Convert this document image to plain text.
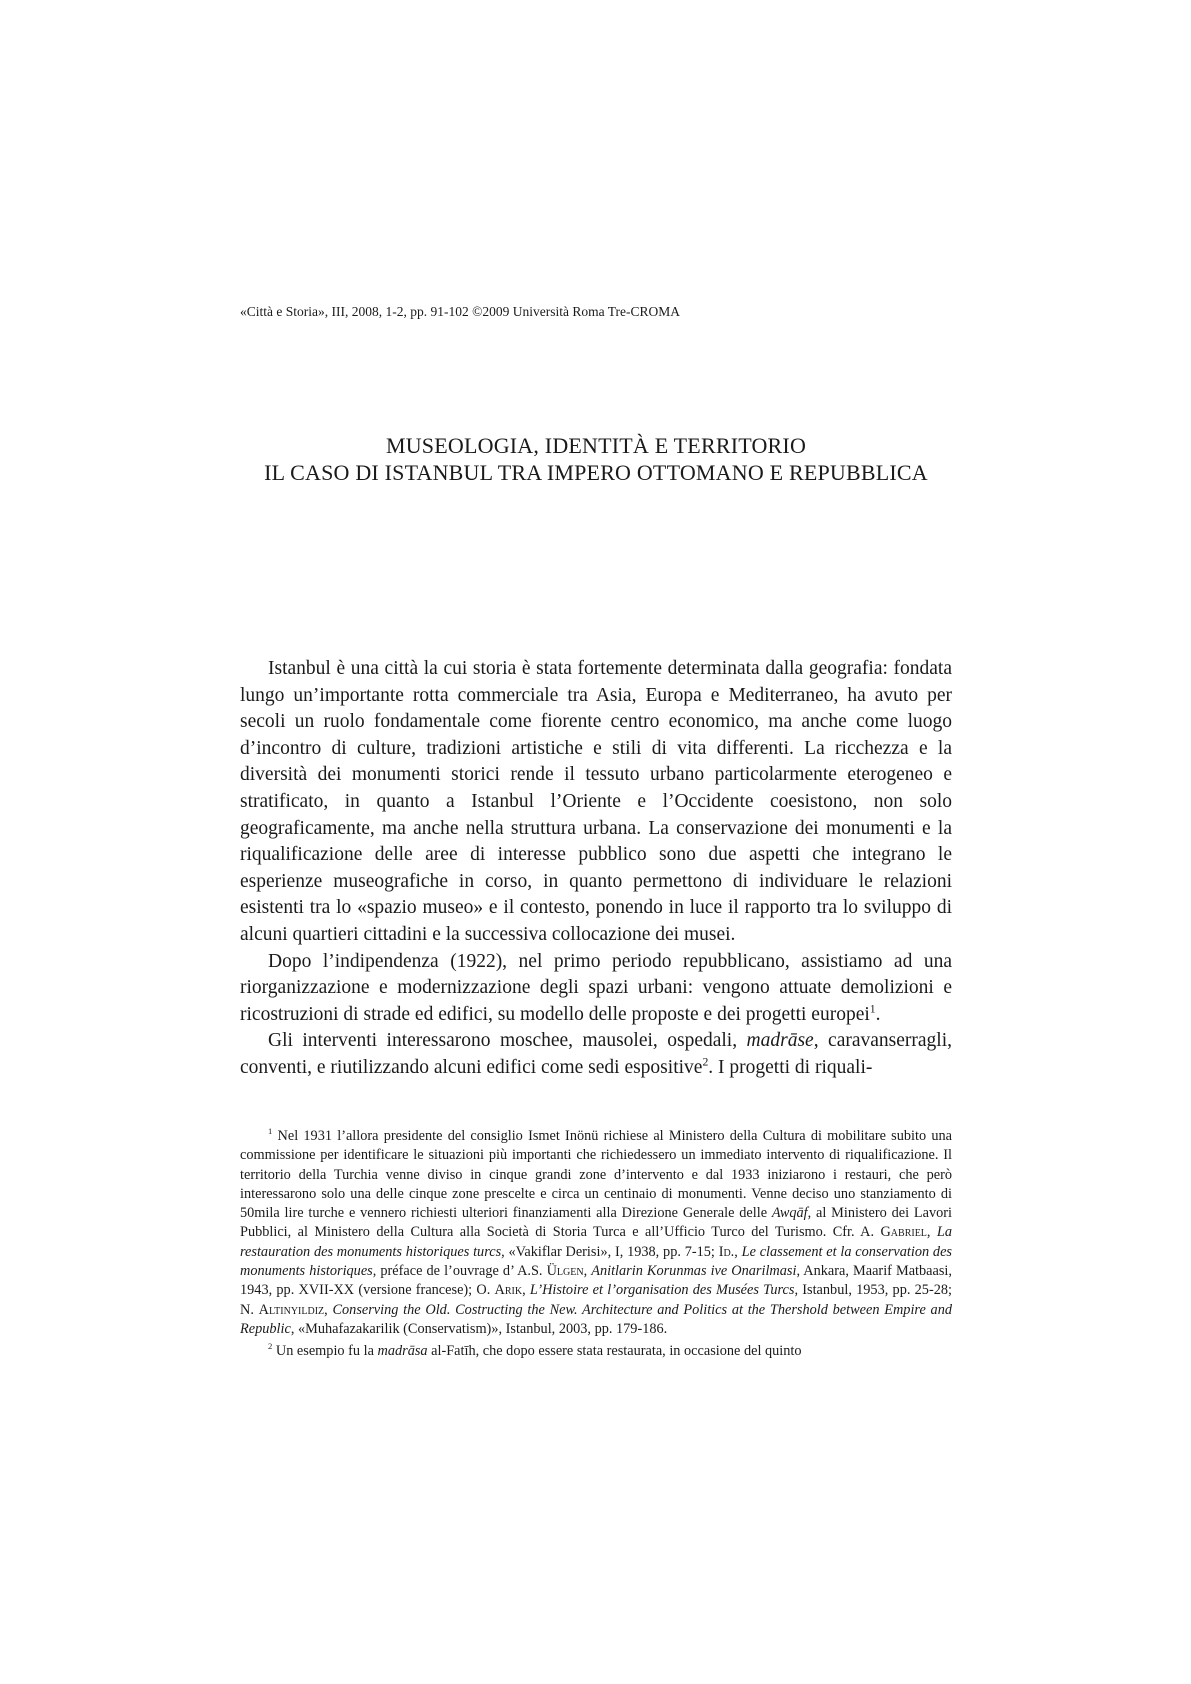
«Città e Storia», III, 2008, 1-2, pp. 91-102 ©2009 Università Roma Tre-CROMA
MUSEOLOGIA, IDENTITÀ E TERRITORIO
IL CASO DI ISTANBUL TRA IMPERO OTTOMANO E REPUBBLICA

Istanbul è una città la cui storia è stata fortemente determinata dalla geografia: fondata lungo un’importante rotta commerciale tra Asia, Europa e Mediterraneo, ha avuto per secoli un ruolo fondamentale come fiorente centro economico, ma anche come luogo d’incontro di culture, tradizioni artistiche e stili di vita differenti. La ricchezza e la diversità dei monumenti storici rende il tessuto urbano particolarmente eterogeneo e stratificato, in quanto a Istanbul l’Oriente e l’Occidente coesistono, non solo geograficamente, ma anche nella struttura urbana. La conservazione dei monumenti e la riqualificazione delle aree di interesse pubblico sono due aspetti che integrano le esperienze museografiche in corso, in quanto permettono di individuare le relazioni esistenti tra lo «spazio museo» e il contesto, ponendo in luce il rapporto tra lo sviluppo di alcuni quartieri cittadini e la successiva collocazione dei musei.

Dopo l’indipendenza (1922), nel primo periodo repubblicano, assistiamo ad una riorganizzazione e modernizzazione degli spazi urbani: vengono attuate demolizioni e ricostruzioni di strade ed edifici, su modello delle proposte e dei progetti europei$^1$.

Gli interventi interessarono moschee, mausolei, ospedali, madrāse, caravanserragli, conventi, e riutilizzando alcuni edifici come sedi espositive$^2$. I progetti di riquali-

$^1$ Nel 1931 l’allora presidente del consiglio Ismet Inönü richiese al Ministero della Cultura di mobilitare subito una commissione per identificare le situazioni più importanti che richiedessero un immediato intervento di riqualificazione. Il territorio della Turchia venne diviso in cinque grandi zone d’intervento e dal 1933 iniziarono i restauri, che però interessarono solo una delle cinque zone prescelte e circa un centinaio di monumenti. Venne deciso uno stanziamento di 50mila lire turche e vennero richiesti ulteriori finanziamenti alla Direzione Generale delle Awqāf, al Ministero dei Lavori Pubblici, al Ministero della Cultura alla Società di Storia Turca e all’Ufficio Turco del Turismo. Cfr. A. Gabriel, La restauration des monuments historiques turcs, «Vakiflar Derisi», I, 1938, pp. 7-15; Id., Le classement et la conservation des monuments historiques, préface de l’ouvrage d’ A.S. Ülgen, Anitlarin Korunmas ive Onarilmasi, Ankara, Maarif Matbaasi, 1943, pp. XVII-XX (versione francese); O. Arik, L’Histoire et l’organisation des Musées Turcs, Istanbul, 1953, pp. 25-28; N. Altinyildiz, Conserving the Old. Costructing the New. Architecture and Politics at the Thershold between Empire and Republic, «Muhafazakarilik (Conservatism)», Istanbul, 2003, pp. 179-186.

$^2$ Un esempio fu la madrāsa al-Fatīh, che dopo essere stata restaurata, in occasione del quinto
